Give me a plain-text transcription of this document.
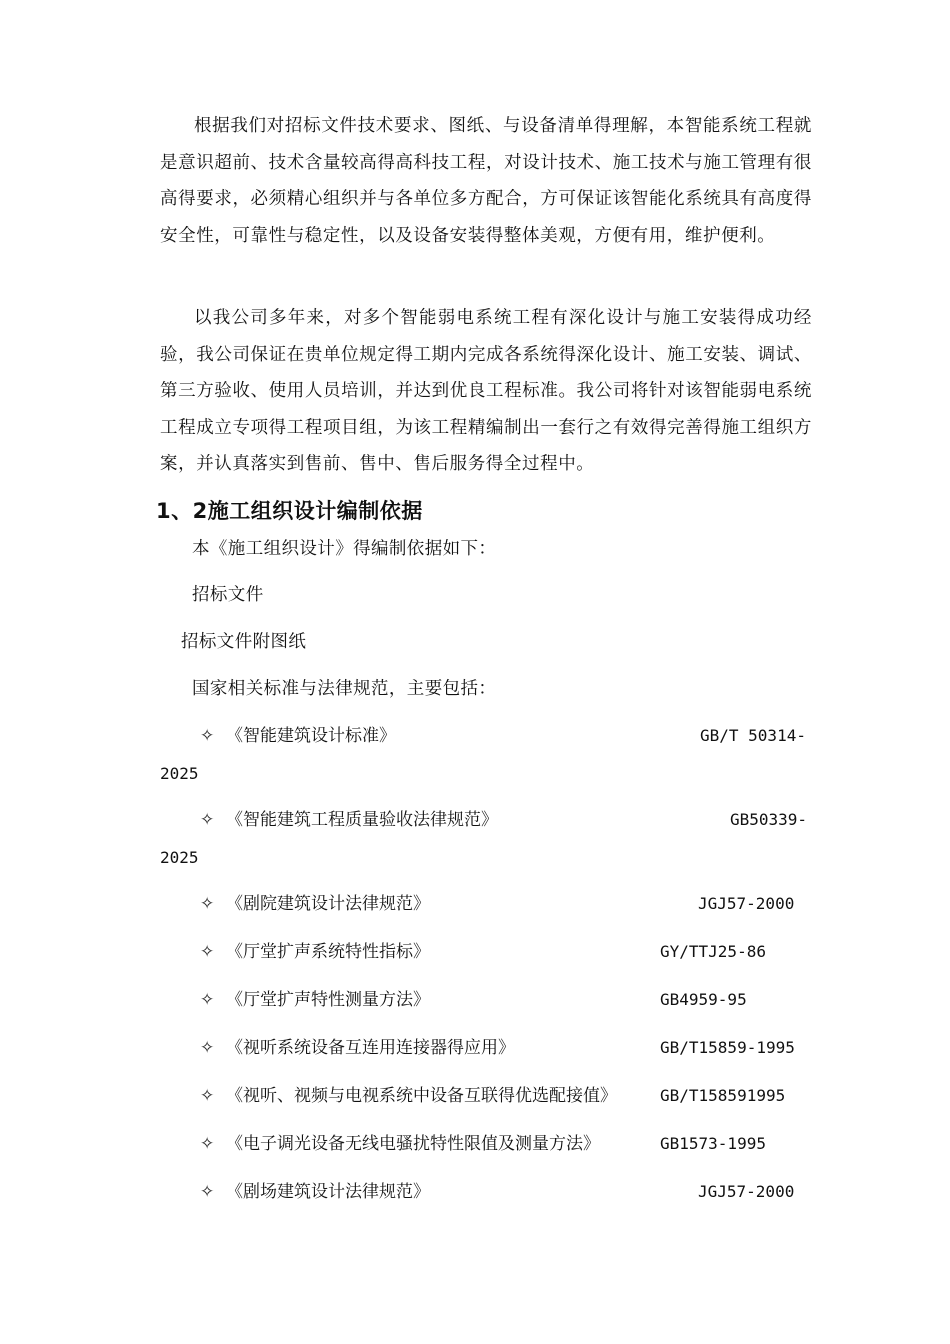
根据我们对招标文件技术要求、图纸、与设备清单得理解，本智能系统工程就是意识超前、技术含量较高得高科技工程，对设计技术、施工技术与施工管理有很高得要求，必须精心组织并与各单位多方配合，方可保证该智能化系统具有高度得安全性，可靠性与稳定性，以及设备安装得整体美观，方便有用，维护便利。

以我公司多年来，对多个智能弱电系统工程有深化设计与施工安装得成功经验，我公司保证在贵单位规定得工期内完成各系统得深化设计、施工安装、调试、第三方验收、使用人员培训，并达到优良工程标准。我公司将针对该智能弱电系统工程成立专项得工程项目组，为该工程精编制出一套行之有效得完善得施工组织方案，并认真落实到售前、售中、售后服务得全过程中。

1、2施工组织设计编制依据

本《施工组织设计》得编制依据如下：

招标文件

招标文件附图纸

国家相关标准与法律规范，主要包括：

✧ 《智能建筑设计标准》	GB/T 50314-
2025
✧ 《智能建筑工程质量验收法律规范》	GB50339-
2025
✧ 《剧院建筑设计法律规范》	JGJ57-2000
✧ 《厅堂扩声系统特性指标》	GY/TTJ25-86
✧ 《厅堂扩声特性测量方法》	GB4959-95
✧ 《视听系统设备互连用连接器得应用》	GB/T15859-1995
✧ 《视听、视频与电视系统中设备互联得优选配接值》	GB/T158591995
✧ 《电子调光设备无线电骚扰特性限值及测量方法》	GB1573-1995
✧ 《剧场建筑设计法律规范》	JGJ57-2000
